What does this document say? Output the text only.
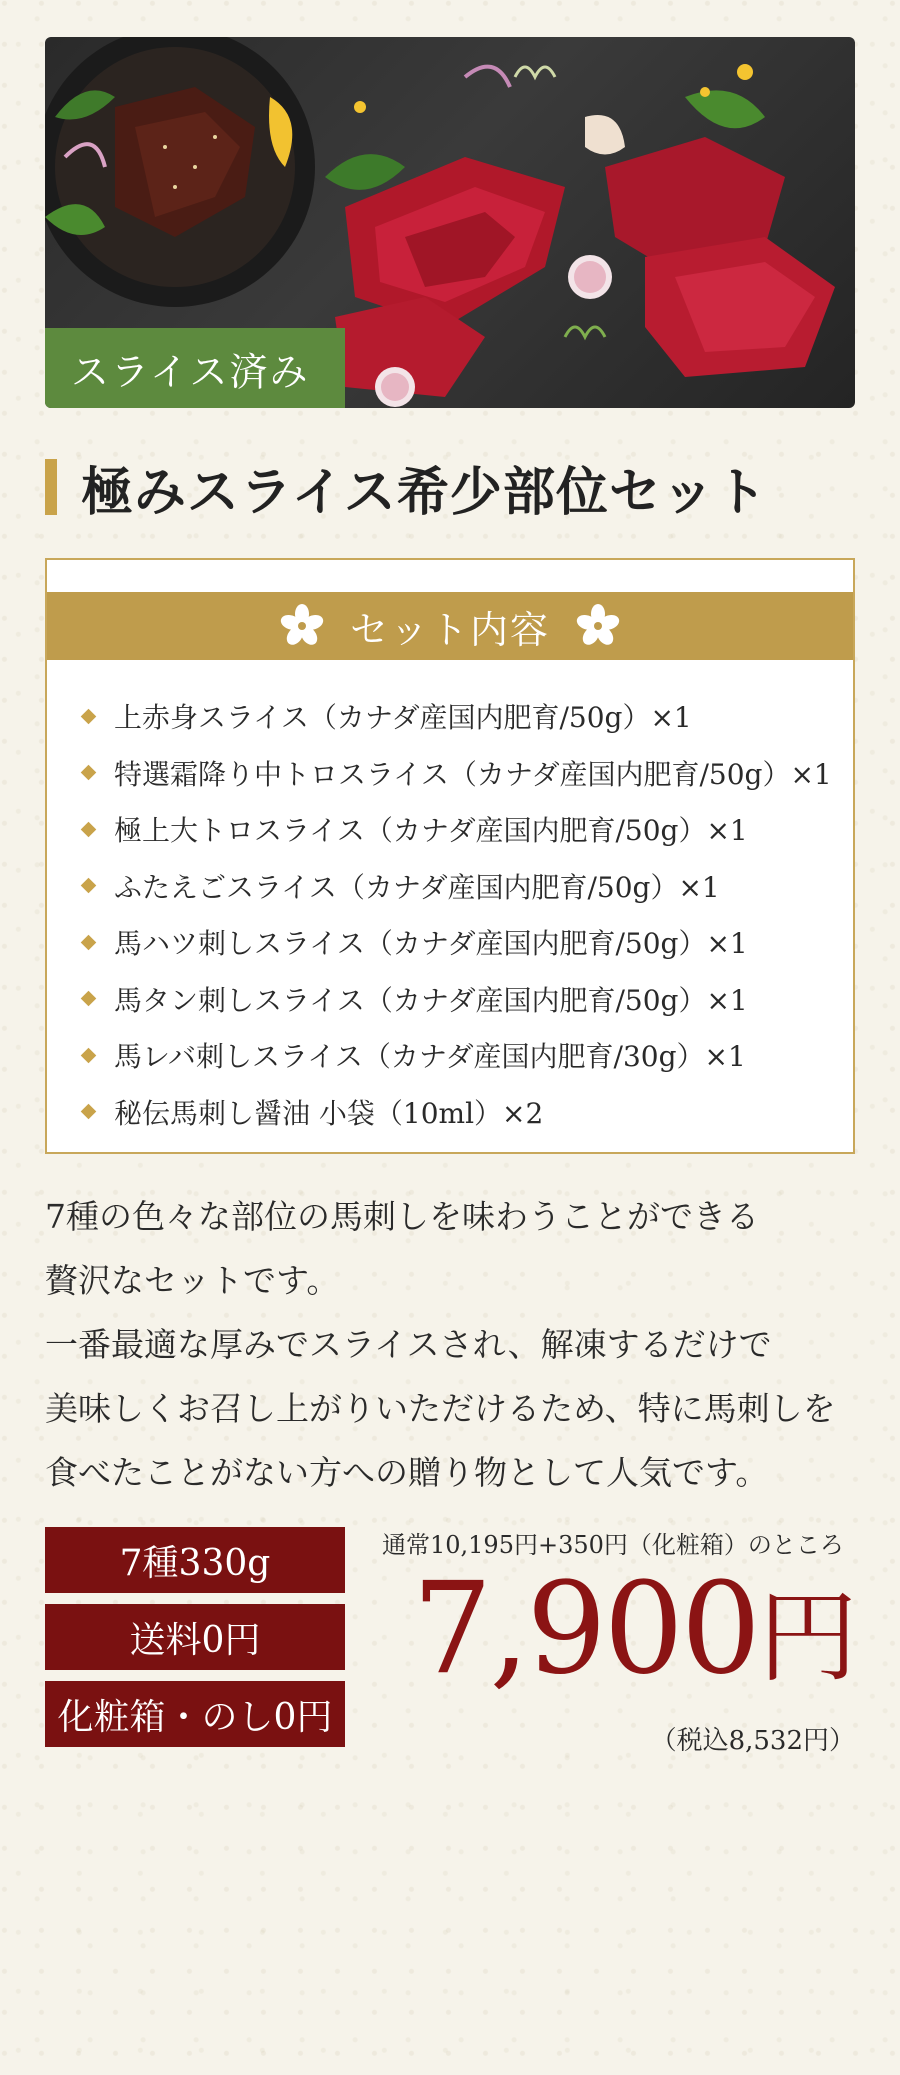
スライス済み
極みスライス希少部位セット
セット内容
上赤身スライス（カナダ産国内肥育/50g）×1
特選霜降り中トロスライス（カナダ産国内肥育/50g）×1
極上大トロスライス（カナダ産国内肥育/50g）×1
ふたえごスライス（カナダ産国内肥育/50g）×1
馬ハツ刺しスライス（カナダ産国内肥育/50g）×1
馬タン刺しスライス（カナダ産国内肥育/50g）×1
馬レバ刺しスライス（カナダ産国内肥育/30g）×1
秘伝馬刺し醤油 小袋（10ml）×2

7種の色々な部位の馬刺しを味わうことができる

贅沢なセットです。

一番最適な厚みでスライスされ、解凍するだけで

美味しくお召し上がりいただけるため、特に馬刺しを

食べたことがない方への贈り物として人気です。

7種330g
送料0円
化粧箱・のし0円
通常10,195円+350円（化粧箱）のところ
7,900円
（税込8,532円）
